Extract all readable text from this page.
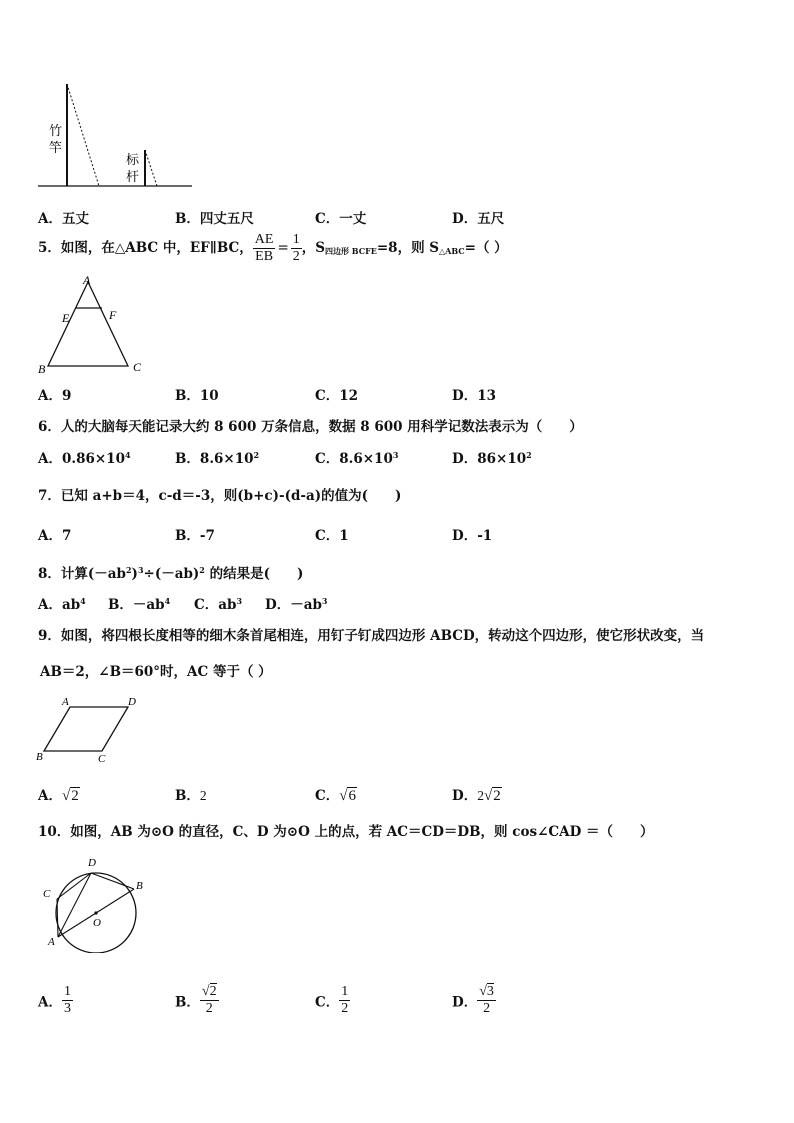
竹
竿
标
杆
A．五丈	B．四丈五尺	C．一丈	D．五尺
5．如图，在△ABC 中，EF∥BC， $\frac{AE}{EB} = \frac{1}{2}$ ，$S_{四边形 BCFE}=8$，则 $S_{\triangle ABC}=$（ ）
A
E	F
B	C
A．9	B．10	C．12	D．13
6．人的大脑每天能记录大约 8 600 万条信息，数据 8 600 用科学记数法表示为（　　）
A．$0.86\times 10^4$	B．$8.6\times 10^2$	C．$8.6\times 10^3$	D．$86\times 10^2$
7．已知 a+b＝4，c-d＝-3，则(b+c)-(d-a)的值为(　　)
A．7	B．-7	C．1	D．-1
8．计算$(-ab^2)^3\div(-ab)^2$ 的结果是(　　)
A．$ab^4$ B．$-ab^4$ C．$ab^3$ D．$-ab^3$
9．如图，将四根长度相等的细木条首尾相连，用钉子钉成四边形 ABCD，转动这个四边形，使它形状改变，当
AB＝2，∠B＝60°时，AC 等于（ ）
A	D
B	C
A．√2	B．2	C．√6	D．2√2
10．如图，AB 为⊙O 的直径，C、D 为⊙O 上的点，若 AC＝CD＝DB，则 cos∠CAD ＝（　　）
A
B
C
D
O
A． $\frac{1}{3}$	B． $\frac{√2}{2}$	C． $\frac{1}{2}$	D． $\frac{√3}{2}$
